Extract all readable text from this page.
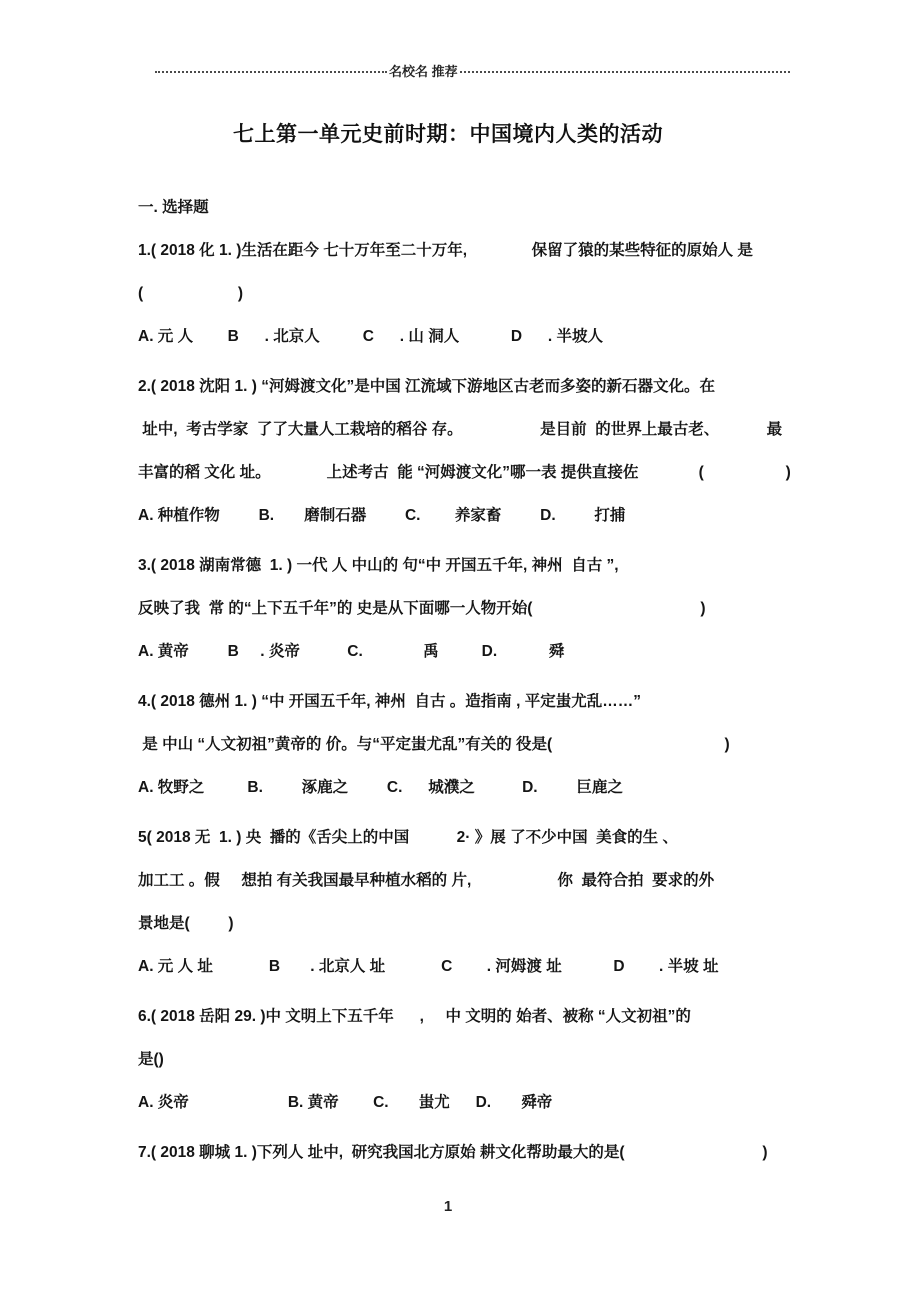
名校名 推荐
七上第一单元史前时期：中国境内人类的活动
一. 选择题

1.( 2018 化 1. )生活在距今 七十万年至二十万年,               保留了猿的某些特征的原始人 是

(                      )

A. 元 人        B      . 北京人          C      . 山 洞人            D      . 半坡人

2.( 2018 沈阳 1. ) “河姆渡文化”是中国 江流域下游地区古老而多姿的新石器文化。在

址中,  考古学家  了了大量人工栽培的稻谷 存。                  是目前  的世界上最古老、           最

丰富的稻 文化 址。             上述考古  能 “河姆渡文化”哪一表 提供直接佐              (                   )

A. 种植作物         B.       磨制石器         C.        养家畜         D.         打捕

3.( 2018 湖南常德  1. ) 一代 人 中山的 句“中 开国五千年, 神州  自古 ”,

反映了我  常 的“上下五千年”的 史是从下面哪一人物开始(                                       )

A. 黄帝         B     . 炎帝           C.              禹          D.            舜

4.( 2018 德州 1. ) “中 开国五千年, 神州  自古 。造指南 , 平定蚩尤乱……”

是 中山 “人文初祖”黄帝的 价。与“平定蚩尤乱”有关的 役是(                                        )

A. 牧野之          B.         涿鹿之         C.      城濮之           D.         巨鹿之

5( 2018 无  1. ) 央  播的《舌尖上的中国           2· 》展 了不少中国  美食的生 、

加工工 。假     想拍 有关我国最早种植水稻的 片,                    你  最符合拍  要求的外

景地是(         )

A. 元 人 址             B       . 北京人 址             C        . 河姆渡 址            D        . 半坡 址

6.( 2018 岳阳 29. )中 文明上下五千年      ,     中 文明的 始者、被称 “人文初祖”的

是()

A. 炎帝                       B. 黄帝        C.       蚩尤      D.       舜帝

7.( 2018 聊城 1. )下列人 址中,  研究我国北方原始 耕文化帮助最大的是(                                )

1
